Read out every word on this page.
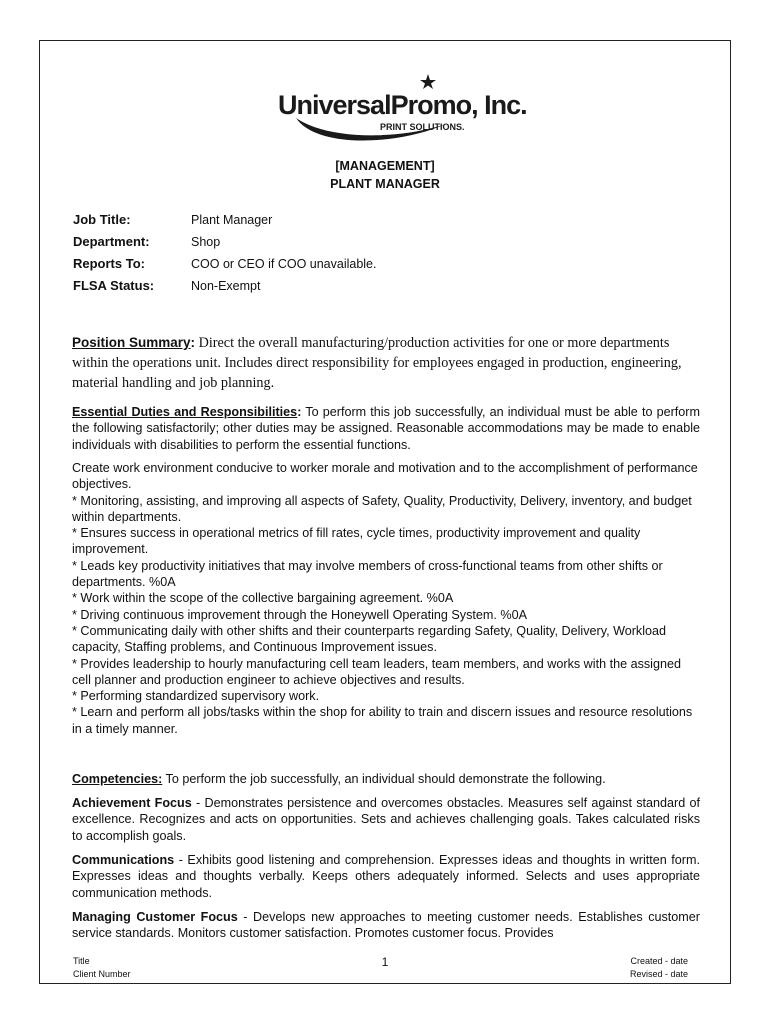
UniversalPromo, Inc.
PRINT SOLUTIONS.
[MANAGEMENT]
PLANT MANAGER
Job Title:	Plant Manager
Department:	Shop
Reports To:	COO or CEO if COO unavailable.
FLSA Status:	Non-Exempt
Position Summary: Direct the overall manufacturing/production activities for one or more departments within the operations unit. Includes direct responsibility for employees engaged in production, engineering, material handling and job planning.
Essential Duties and Responsibilities: To perform this job successfully, an individual must be able to perform the following satisfactorily; other duties may be assigned. Reasonable accommodations may be made to enable individuals with disabilities to perform the essential functions.
Create work environment conducive to worker morale and motivation and to the accomplishment of performance objectives.
* Monitoring, assisting, and improving all aspects of Safety, Quality, Productivity, Delivery, inventory, and budget within departments.
* Ensures success in operational metrics of fill rates, cycle times, productivity improvement and quality improvement.
* Leads key productivity initiatives that may involve members of cross-functional teams from other shifts or departments. %0A
* Work within the scope of the collective bargaining agreement. %0A
* Driving continuous improvement through the Honeywell Operating System. %0A
* Communicating daily with other shifts and their counterparts regarding Safety, Quality, Delivery, Workload capacity, Staffing problems, and Continuous Improvement issues.
* Provides leadership to hourly manufacturing cell team leaders, team members, and works with the assigned cell planner and production engineer to achieve objectives and results.
* Performing standardized supervisory work.
* Learn and perform all jobs/tasks within the shop for ability to train and discern issues and resource resolutions in a timely manner.
Competencies: To perform the job successfully, an individual should demonstrate the following.
Achievement Focus - Demonstrates persistence and overcomes obstacles. Measures self against standard of excellence. Recognizes and acts on opportunities. Sets and achieves challenging goals. Takes calculated risks to accomplish goals.
Communications - Exhibits good listening and comprehension. Expresses ideas and thoughts in written form. Expresses ideas and thoughts verbally. Keeps others adequately informed. Selects and uses appropriate communication methods.
Managing Customer Focus - Develops new approaches to meeting customer needs. Establishes customer service standards. Monitors customer satisfaction. Promotes customer focus. Provides
Title
Client Number
1	Created - date
Revised - date
